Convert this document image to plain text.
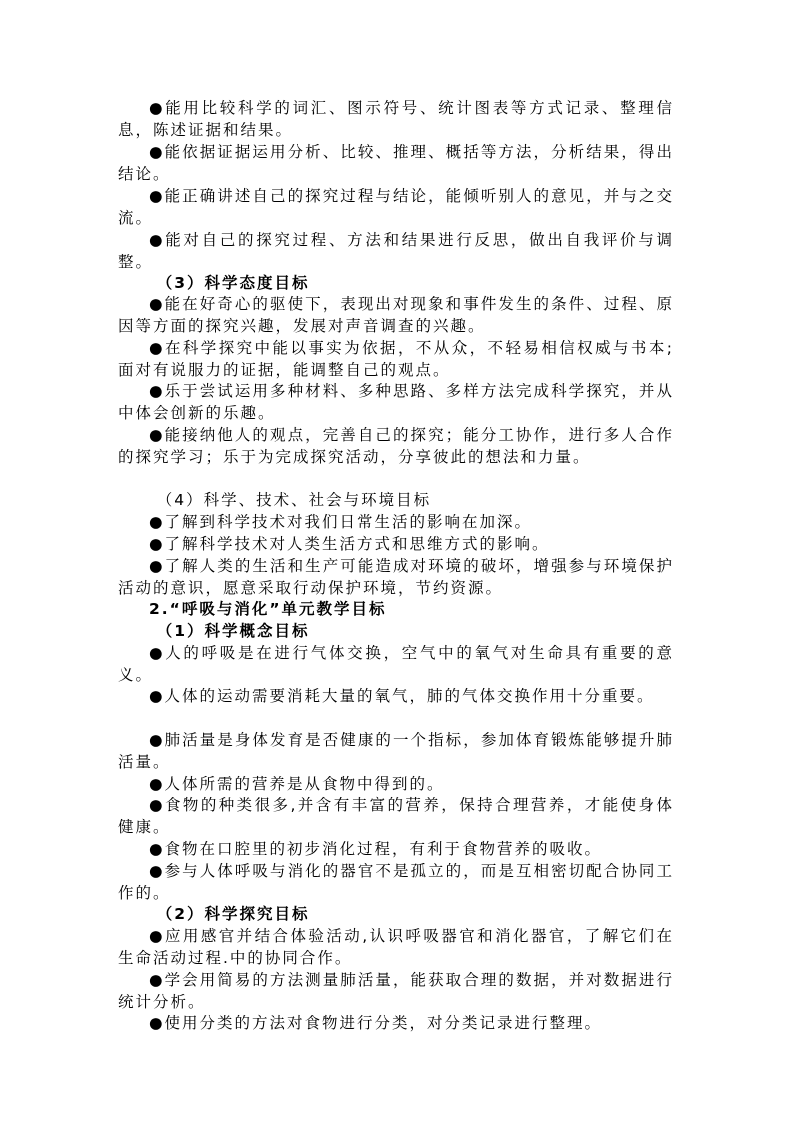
●能用比较科学的词汇、图示符号、统计图表等方式记录、整理信息，陈述证据和结果。

●能依据证据运用分析、比较、推理、概括等方法，分析结果，得出结论。

●能正确讲述自己的探究过程与结论，能倾听别人的意见，并与之交流。

●能对自己的探究过程、方法和结果进行反思，做出自我评价与调整。

（3）科学态度目标

●能在好奇心的驱使下，表现出对现象和事件发生的条件、过程、原因等方面的探究兴趣，发展对声音调查的兴趣。

●在科学探究中能以事实为依据，不从众，不轻易相信权威与书本;面对有说服力的证据，能调整自己的观点。

●乐于尝试运用多种材料、多种思路、多样方法完成科学探究，并从中体会创新的乐趣。

●能接纳他人的观点，完善自己的探究；能分工协作，进行多人合作的探究学习；乐于为完成探究活动，分享彼此的想法和力量。

（4）科学、技术、社会与环境目标

●了解到科学技术对我们日常生活的影响在加深。

●了解科学技术对人类生活方式和思维方式的影响。

●了解人类的生活和生产可能造成对环境的破坏，增强参与环境保护活动的意识，愿意采取行动保护环境，节约资源。

2.“呼吸与消化”单元教学目标

（1）科学概念目标

●人的呼吸是在进行气体交换，空气中的氧气对生命具有重要的意义。

●人体的运动需要消耗大量的氧气，肺的气体交换作用十分重要。

●肺活量是身体发育是否健康的一个指标，参加体育锻炼能够提升肺活量。

●人体所需的营养是从食物中得到的。

●食物的种类很多,并含有丰富的营养，保持合理营养，才能使身体健康。

●食物在口腔里的初步消化过程，有利于食物营养的吸收。

●参与人体呼吸与消化的器官不是孤立的，而是互相密切配合协同工作的。

（2）科学探究目标

●应用感官并结合体验活动,认识呼吸器官和消化器官，了解它们在生命活动过程.中的协同合作。

●学会用简易的方法测量肺活量，能获取合理的数据，并对数据进行统计分析。

●使用分类的方法对食物进行分类，对分类记录进行整理。
